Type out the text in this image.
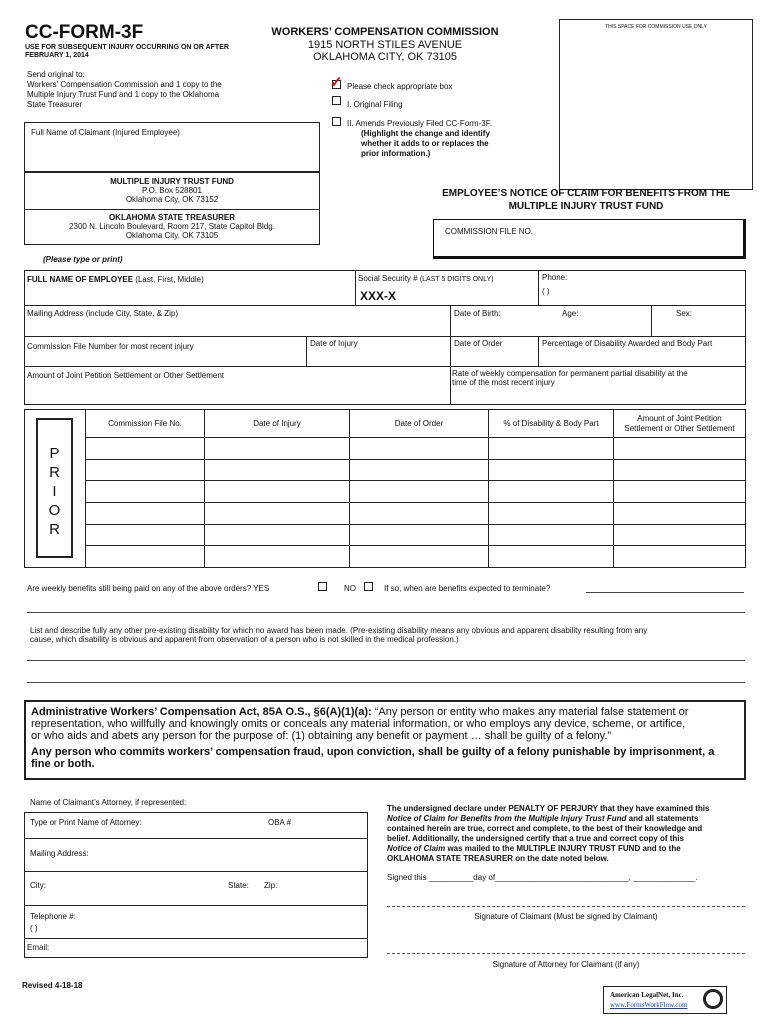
CC-FORM-3F
USE FOR SUBSEQUENT INJURY OCCURRING ON OR AFTER
FEBRUARY 1, 2014
WORKERS’ COMPENSATION COMMISSION
1915 NORTH STILES AVENUE
OKLAHOMA CITY, OK 73105
THIS SPACE FOR COMMISSION USE ONLY
Send original to:
Workers’ Compensation Commission and 1 copy to the
Multiple Injury Trust Fund and 1 copy to the Oklahoma
State Treasurer
Full Name of Claimant (Injured Employee)
✓ Please check appropriate box
I. Original Filing
II. Amends Previously Filed CC-Form-3F.
(Highlight the change and identify
whether it adds to or replaces the
prior information.)
MULTIPLE INJURY TRUST FUND
P.O. Box 528801
Oklahoma City, OK 73152
OKLAHOMA STATE TREASURER
2300 N. Lincoln Boulevard, Room 217, State Capitol Bldg.
Oklahoma City, OK 73105
EMPLOYEE’S NOTICE OF CLAIM FOR BENEFITS FROM THE
MULTIPLE INJURY TRUST FUND
COMMISSION FILE NO.
(Please type or print)
FULL NAME OF EMPLOYEE (Last, First, Middle)	Social Security # (LAST 5 DIGITS ONLY)
XXX-X
Phone:
( )
Mailing Address (include City, State, & Zip)	Date of Birth:	Age:	Sex:
Commission File Number for most recent injury	Date of Injury	Date of Order	Percentage of Disability Awarded and Body Part
Amount of Joint Petition Settlement or Other Settlement	Rate of weekly compensation for permanent partial disability at the
time of the most recent injury
P
R
I
O
R
Commission File No.	Date of Injury	Date of Order	% of Disability & Body Part	Amount of Joint Petition
Settlement or Other Settlement

Are weekly benefits still being paid on any of the above orders? YES	NO	If so, when are benefits expected to terminate?
List and describe fully any other pre-existing disability for which no award has been made. (Pre-existing disability means any obvious and apparent disability resulting from any
cause, which disability is obvious and apparent from observation of a person who is not skilled in the medical profession.)
Administrative Workers’ Compensation Act, 85A O.S., §6(A)(1)(a): “Any person or entity who makes any material false statement or
representation, who willfully and knowingly omits or conceals any material information, or who employs any device, scheme, or artifice,
or who aids and abets any person for the purpose of: (1) obtaining any benefit or payment … shall be guilty of a felony.”
Any person who commits workers’ compensation fraud, upon conviction, shall be guilty of a felony punishable by imprisonment, a
fine or both.
Name of Claimant’s Attorney, if represented:
Type or Print Name of Attorney:	OBA #
Mailing Address:
City:	State: Zip:
Telephone #:
( )
Email:
The undersigned declare under PENALTY OF PERJURY that they have examined this
Notice of Claim for Benefits from the Multiple Injury Trust Fund and all statements
contained herein are true, correct and complete, to the best of their knowledge and
belief. Additionally, the undersigned certify that a true and correct copy of this
Notice of Claim was mailed to the MULTIPLE INJURY TRUST FUND and to the
OKLAHOMA STATE TREASURER on the date noted below.
Signed this __________day of______________________________, ______________.
Signature of Claimant (Must be signed by Claimant)
Signature of Attorney for Claimant (if any)
Revised 4-18-18
American LegalNet, Inc.
www.FormsWorkFlow.com
